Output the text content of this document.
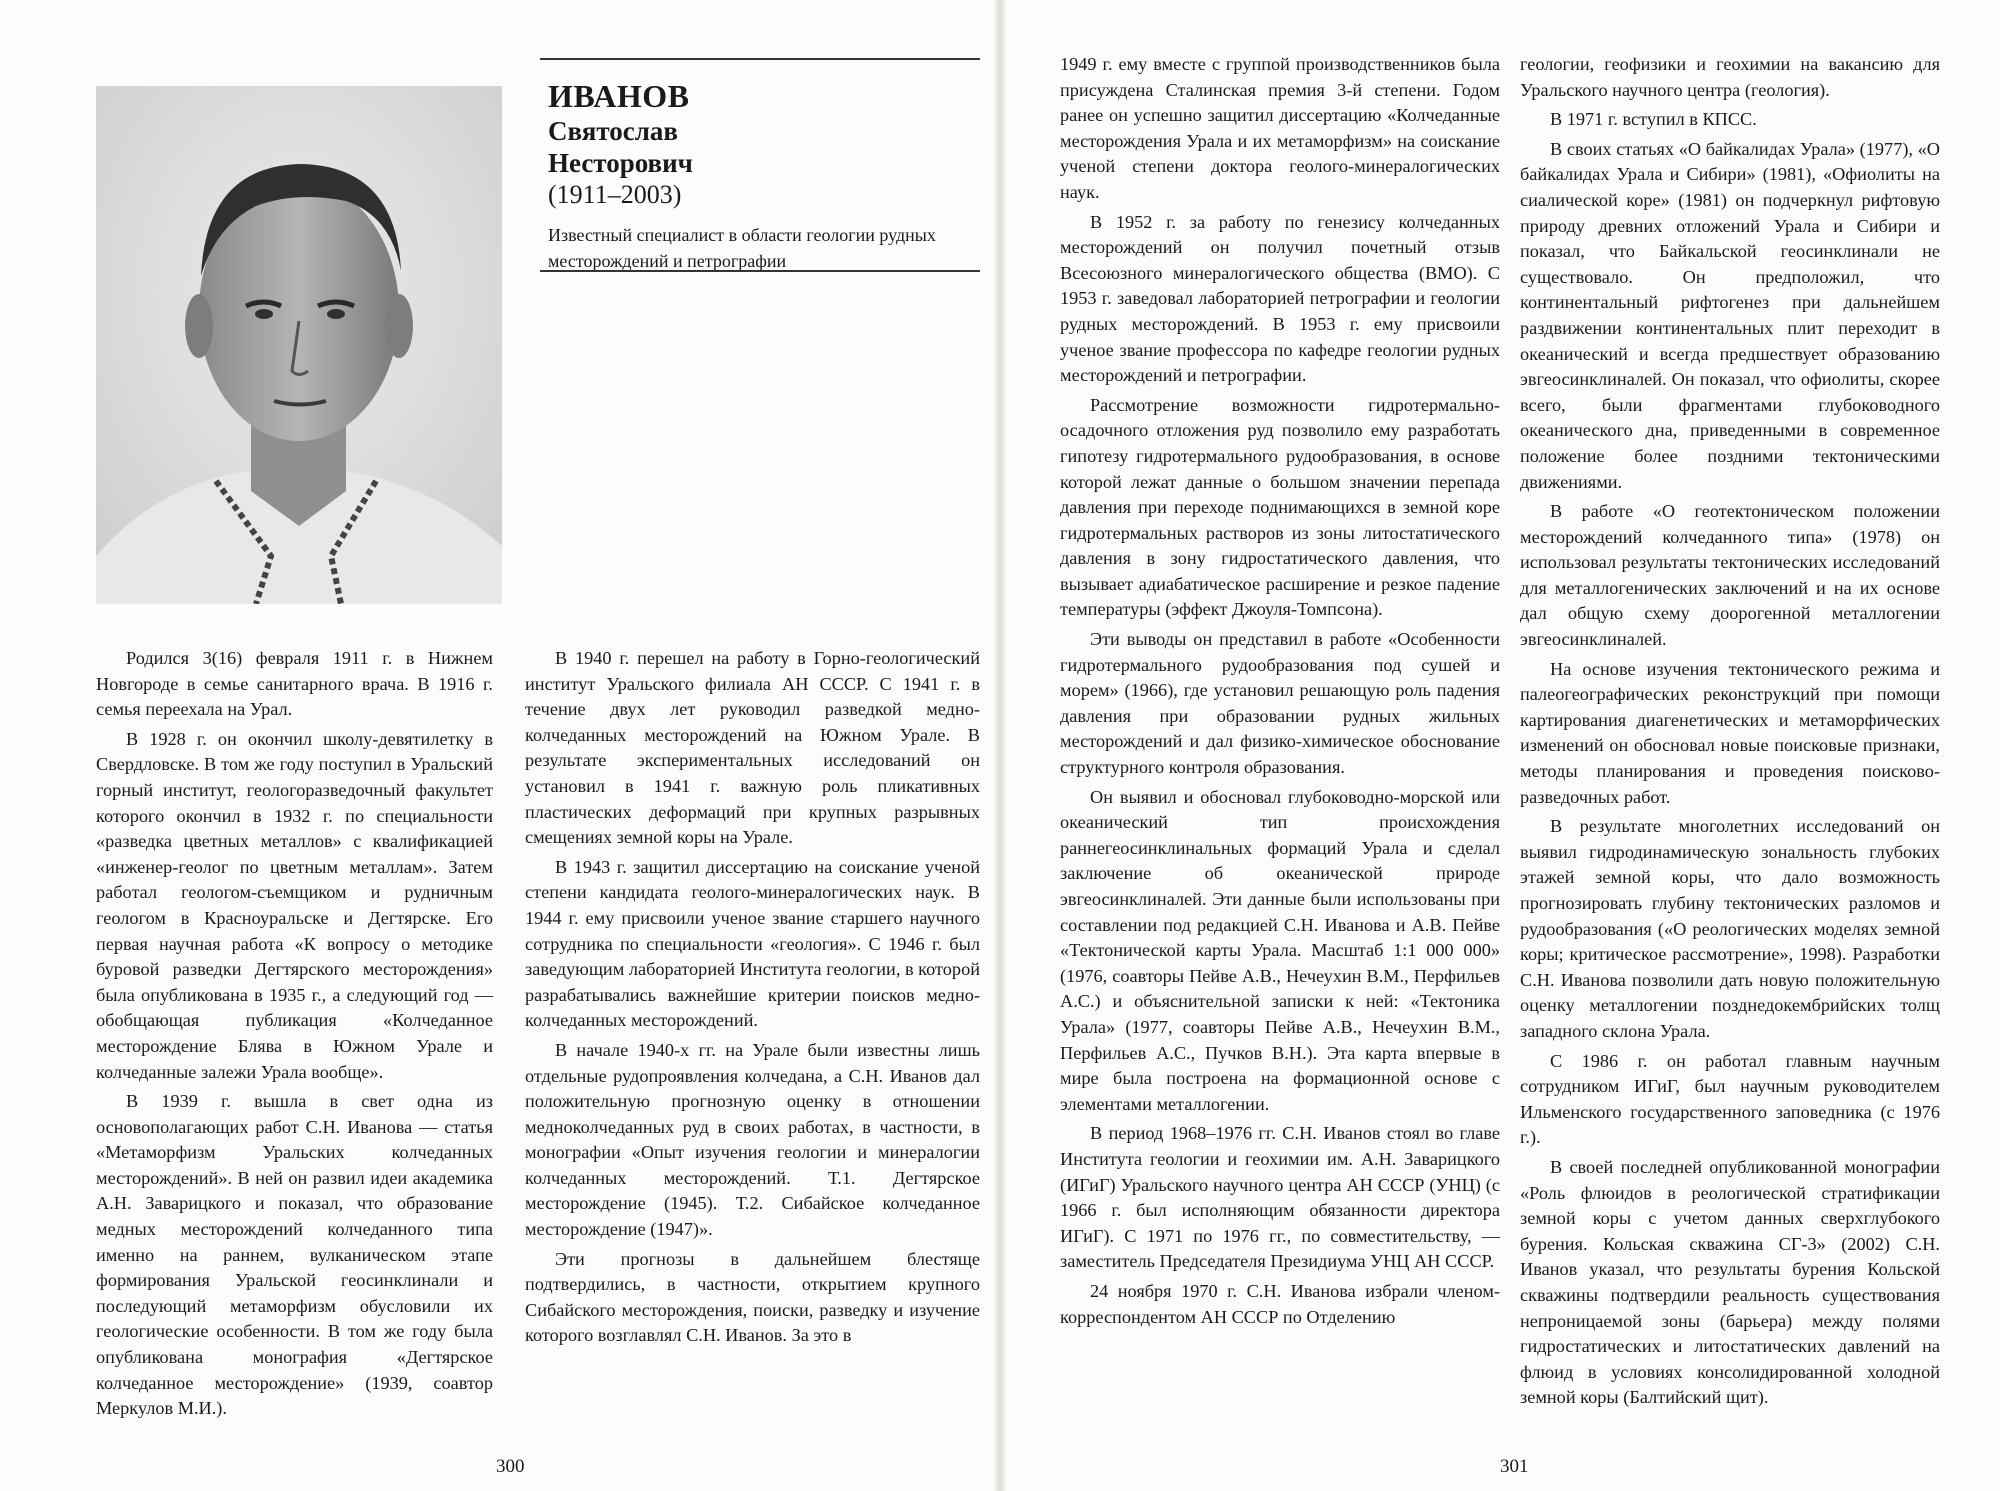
ИВАНОВ
Святослав
Несторович
(1911–2003)
Известный специалист в области геологии рудных месторождений и петрографии

Родился 3(16) февраля 1911 г. в Нижнем Новгороде в семье санитарного врача. В 1916 г. семья переехала на Урал.

В 1928 г. он окончил школу-девятилетку в Свердловске. В том же году поступил в Уральский горный институт, геологоразведочный факультет которого окончил в 1932 г. по специальности «разведка цветных металлов» с квалификацией «инженер-геолог по цветным металлам». Затем работал геологом-съемщиком и рудничным геологом в Красноуральске и Дегтярске. Его первая научная работа «К вопросу о методике буровой разведки Дегтярского месторождения» была опубликована в 1935 г., а следующий год — обобщающая публикация «Колчеданное месторождение Блява в Южном Урале и колчеданные залежи Урала вообще».

В 1939 г. вышла в свет одна из основополагающих работ С.Н. Иванова — статья «Метаморфизм Уральских колчеданных месторождений». В ней он развил идеи академика А.Н. Заварицкого и показал, что образование медных месторождений колчеданного типа именно на раннем, вулканическом этапе формирования Уральской геосинклинали и последующий метаморфизм обусловили их геологические особенности. В том же году была опубликована монография «Дегтярское колчеданное месторождение» (1939, соавтор Меркулов М.И.).

В 1940 г. перешел на работу в Горно-геологический институт Уральского филиала АН СССР. С 1941 г. в течение двух лет руководил разведкой медно-колчеданных месторождений на Южном Урале. В результате экспериментальных исследований он установил в 1941 г. важную роль пликативных пластических деформаций при крупных разрывных смещениях земной коры на Урале.

В 1943 г. защитил диссертацию на соискание ученой степени кандидата геолого-минералогических наук. В 1944 г. ему присвоили ученое звание старшего научного сотрудника по специальности «геология». С 1946 г. был заведующим лабораторией Института геологии, в которой разрабатывались важнейшие критерии поисков медно-колчеданных месторождений.

В начале 1940-х гг. на Урале были известны лишь отдельные рудопроявления колчедана, а С.Н. Иванов дал положительную прогнозную оценку в отношении медноколчеданных руд в своих работах, в частности, в монографии «Опыт изучения геологии и минералогии колчеданных месторождений. Т.1. Дегтярское месторождение (1945). Т.2. Сибайское колчеданное месторождение (1947)».

Эти прогнозы в дальнейшем блестяще подтвердились, в частности, открытием крупного Сибайского месторождения, поиски, разведку и изучение которого возглавлял С.Н. Иванов. За это в

1949 г. ему вместе с группой производственников была присуждена Сталинская премия 3-й степени. Годом ранее он успешно защитил диссертацию «Колчеданные месторождения Урала и их метаморфизм» на соискание ученой степени доктора геолого-минералогических наук.

В 1952 г. за работу по генезису колчеданных месторождений он получил почетный отзыв Всесоюзного минералогического общества (ВМО). С 1953 г. заведовал лабораторией петрографии и геологии рудных месторождений. В 1953 г. ему присвоили ученое звание профессора по кафедре геологии рудных месторождений и петрографии.

Рассмотрение возможности гидротермально-осадочного отложения руд позволило ему разработать гипотезу гидротермального рудообразования, в основе которой лежат данные о большом значении перепада давления при переходе поднимающихся в земной коре гидротермальных растворов из зоны литостатического давления в зону гидростатического давления, что вызывает адиабатическое расширение и резкое падение температуры (эффект Джоуля-Томпсона).

Эти выводы он представил в работе «Особенности гидротермального рудообразования под сушей и морем» (1966), где установил решающую роль падения давления при образовании рудных жильных месторождений и дал физико-химическое обоснование структурного контроля образования.

Он выявил и обосновал глубоководно-морской или океанический тип происхождения раннегеосинклинальных формаций Урала и сделал заключение об океанической природе эвгеосинклиналей. Эти данные были использованы при составлении под редакцией С.Н. Иванова и А.В. Пейве «Тектонической карты Урала. Масштаб 1:1 000 000» (1976, соавторы Пейве А.В., Нечеухин В.М., Перфильев А.С.) и объяснительной записки к ней: «Тектоника Урала» (1977, соавторы Пейве А.В., Нечеухин В.М., Перфильев А.С., Пучков В.Н.). Эта карта впервые в мире была построена на формационной основе с элементами металлогении.

В период 1968–1976 гг. С.Н. Иванов стоял во главе Института геологии и геохимии им. А.Н. Заварицкого (ИГиГ) Уральского научного центра АН СССР (УНЦ) (с 1966 г. был исполняющим обязанности директора ИГиГ). С 1971 по 1976 гг., по совместительству, — заместитель Председателя Президиума УНЦ АН СССР.

24 ноября 1970 г. С.Н. Иванова избрали членом-корреспондентом АН СССР по Отделению

геологии, геофизики и геохимии на вакансию для Уральского научного центра (геология).

В 1971 г. вступил в КПСС.

В своих статьях «О байкалидах Урала» (1977), «О байкалидах Урала и Сибири» (1981), «Офиолиты на сиалической коре» (1981) он подчеркнул рифтовую природу древних отложений Урала и Сибири и показал, что Байкальской геосинклинали не существовало. Он предположил, что континентальный рифтогенез при дальнейшем раздвижении континентальных плит переходит в океанический и всегда предшествует образованию эвгеосинклиналей. Он показал, что офиолиты, скорее всего, были фрагментами глубоководного океанического дна, приведенными в современное положение более поздними тектоническими движениями.

В работе «О геотектоническом положении месторождений колчеданного типа» (1978) он использовал результаты тектонических исследований для металлогенических заключений и на их основе дал общую схему доорогенной металлогении эвгеосинклиналей.

На основе изучения тектонического режима и палеогеографических реконструкций при помощи картирования диагенетических и метаморфических изменений он обосновал новые поисковые признаки, методы планирования и проведения поисково-разведочных работ.

В результате многолетних исследований он выявил гидродинамическую зональность глубоких этажей земной коры, что дало возможность прогнозировать глубину тектонических разломов и рудообразования («О реологических моделях земной коры; критическое рассмотрение», 1998). Разработки С.Н. Иванова позволили дать новую положительную оценку металлогении позднедокембрийских толщ западного склона Урала.

С 1986 г. он работал главным научным сотрудником ИГиГ, был научным руководителем Ильменского государственного заповедника (с 1976 г.).

В своей последней опубликованной монографии «Роль флюидов в реологической стратификации земной коры с учетом данных сверхглубокого бурения. Кольская скважина СГ-3» (2002) С.Н. Иванов указал, что результаты бурения Кольской скважины подтвердили реальность существования непроницаемой зоны (барьера) между полями гидростатических и литостатических давлений на флюид в условиях консолидированной холодной земной коры (Балтийский щит).

300	301
